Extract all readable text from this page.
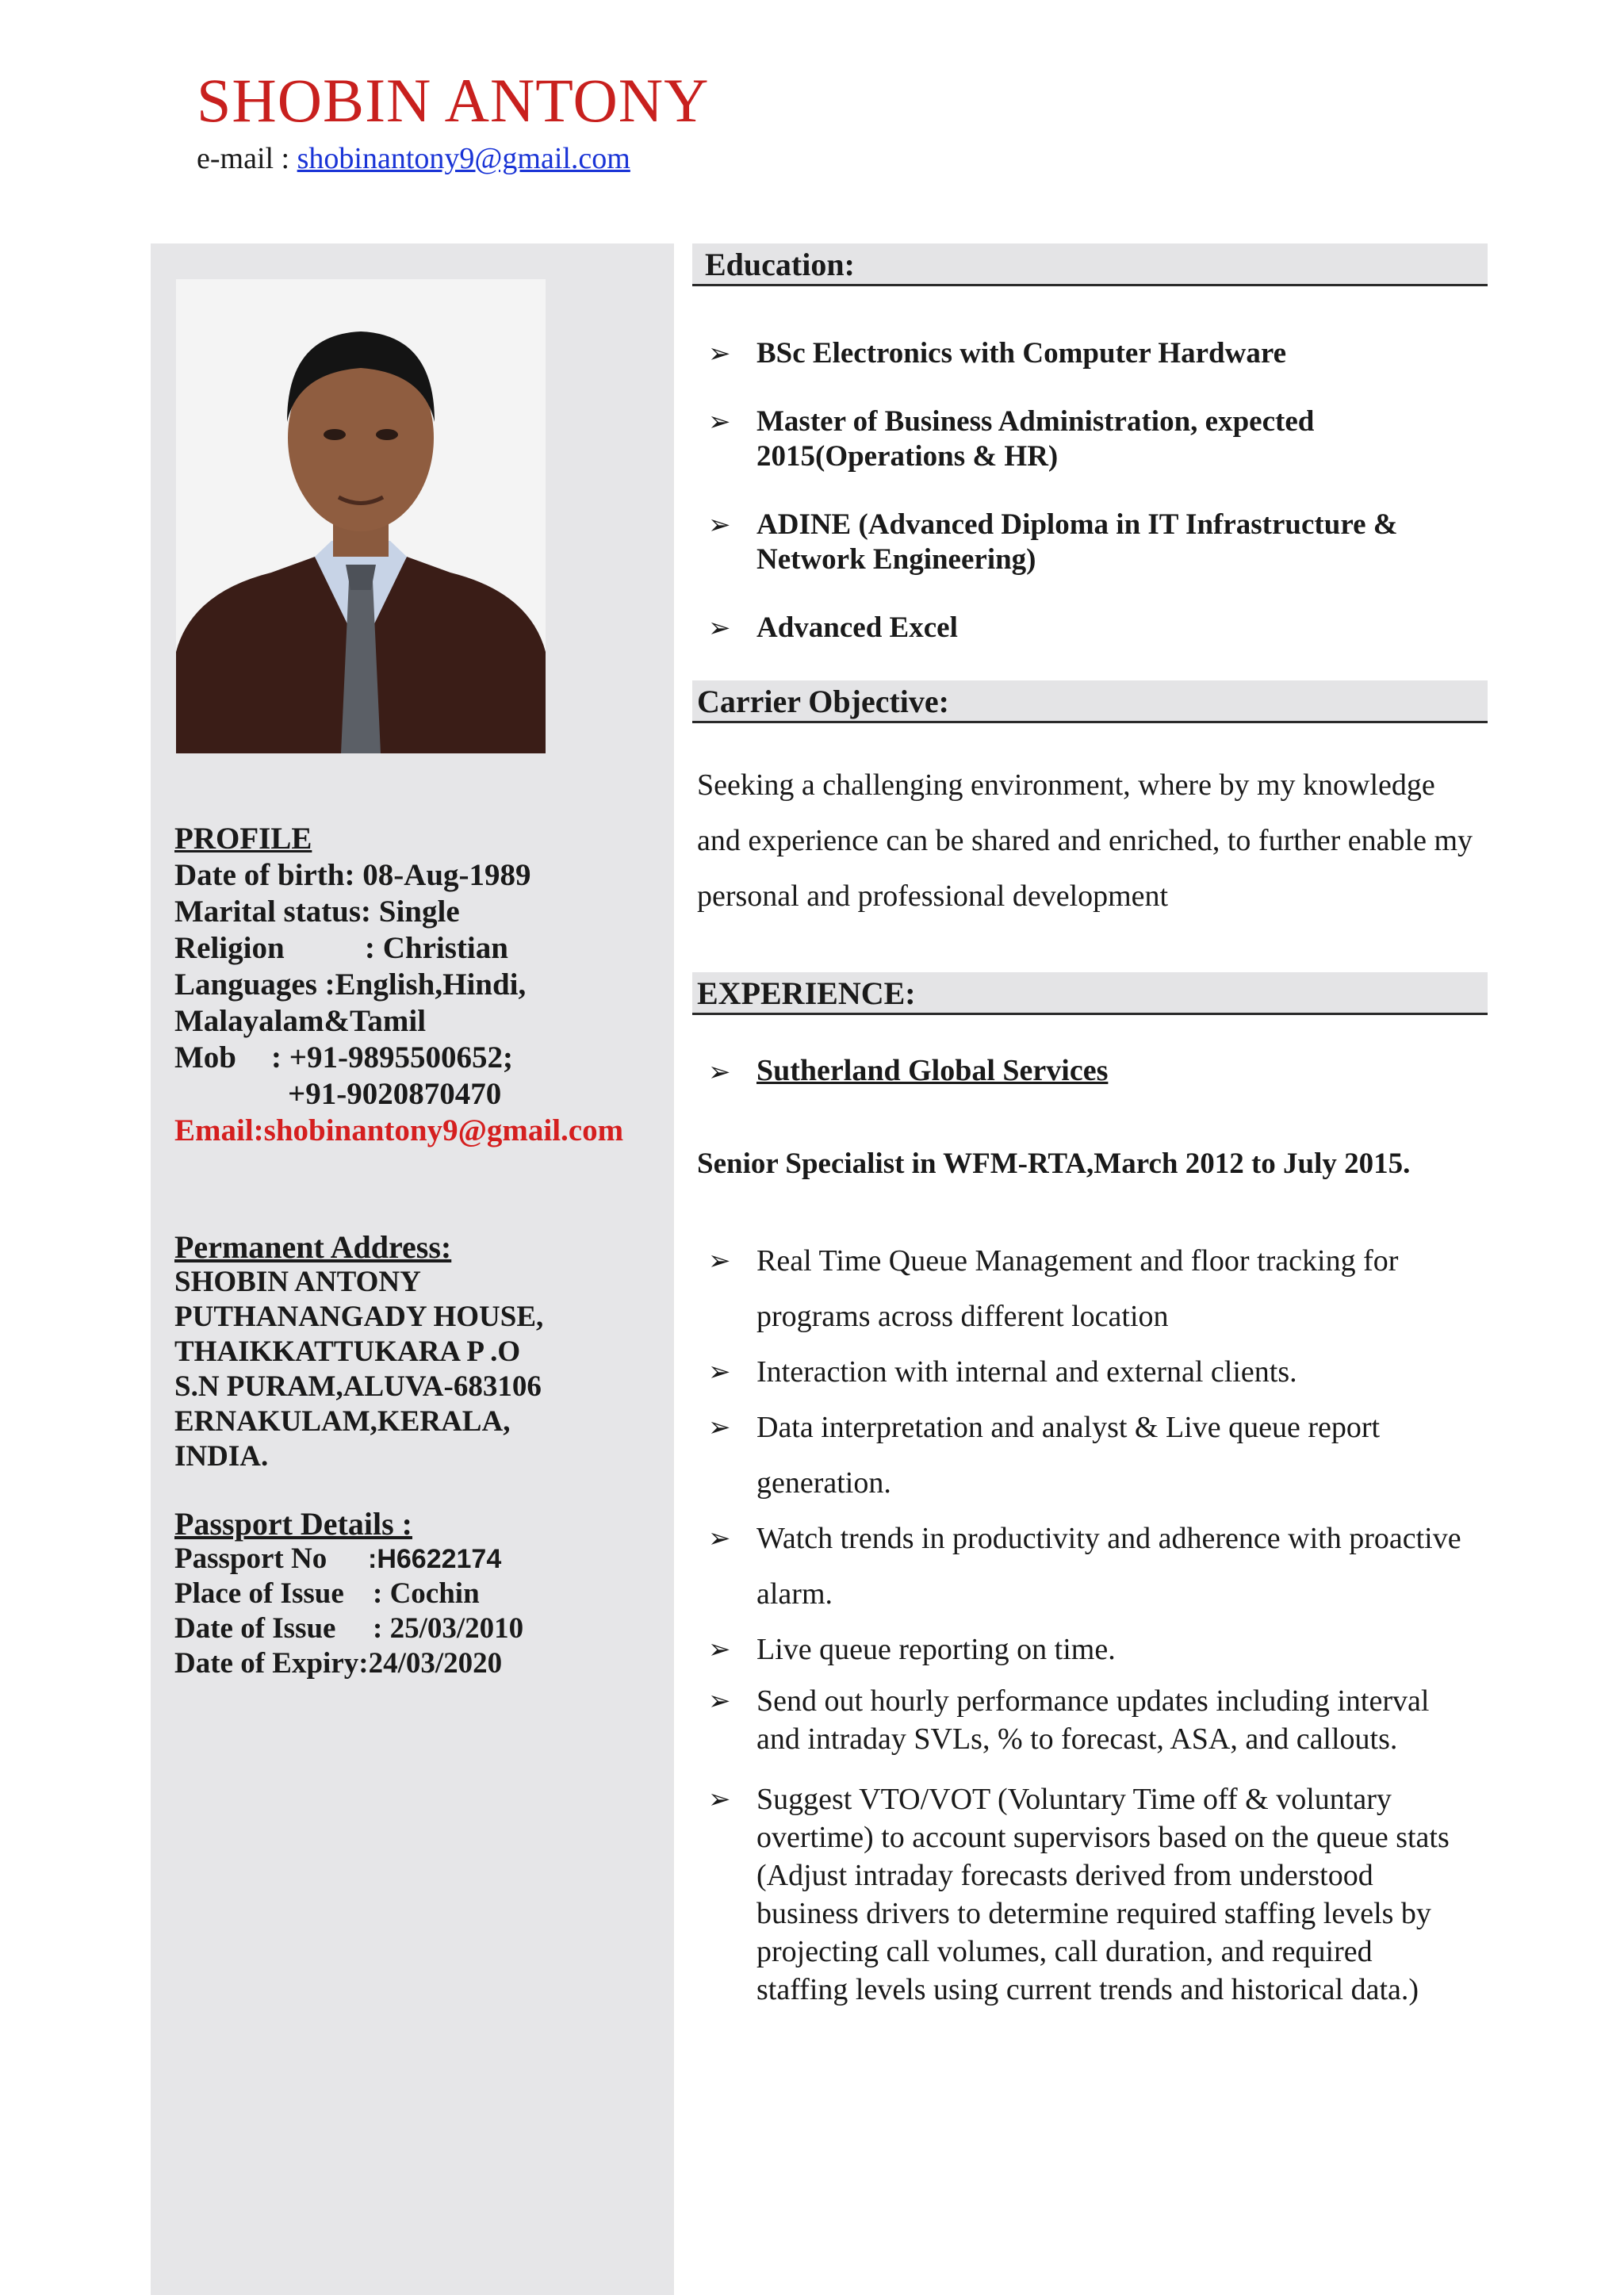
SHOBIN ANTONY
e-mail : shobinantony9@gmail.com
PROFILE
Date of birth: 08-Aug-1989
Marital status: Single
Religion	: Christian
Languages :English,Hindi,
Malayalam&Tamil
Mob : +91-9895500652;
+91-9020870470
Email:shobinantony9@gmail.com
Permanent Address:
SHOBIN ANTONY
PUTHANANGADY HOUSE,
THAIKKATTUKARA P .O
S.N PURAM,ALUVA-683106
ERNAKULAM,KERALA,
INDIA.
Passport Details :
Passport No :H6622174
Place of Issue : Cochin
Date of Issue : 25/03/2010
Date of Expiry:24/03/2020
Education:
➢ BSc Electronics with Computer Hardware
➢ Master of Business Administration, expected 2015(Operations & HR)
➢ ADINE (Advanced Diploma in IT Infrastructure & Network Engineering)
➢ Advanced Excel
Carrier Objective:
Seeking a challenging environment, where by my knowledge and experience can be shared and enriched, to further enable my personal and professional development
EXPERIENCE:
➢ Sutherland Global Services
Senior Specialist in WFM-RTA,March 2012 to July 2015.
➢ Real Time Queue Management and floor tracking for programs across different location
➢ Interaction with internal and external clients.
➢ Data interpretation and analyst & Live queue report generation.
➢ Watch trends in productivity and adherence with proactive alarm.
➢ Live queue reporting on time.
➢ Send out hourly performance updates including interval and intraday SVLs, % to forecast, ASA, and callouts.
➢ Suggest VTO/VOT (Voluntary Time off & voluntary overtime) to account supervisors based on the queue stats (Adjust intraday forecasts derived from understood business drivers to determine required staffing levels by projecting call volumes, call duration, and required staffing levels using current trends and historical data.)
